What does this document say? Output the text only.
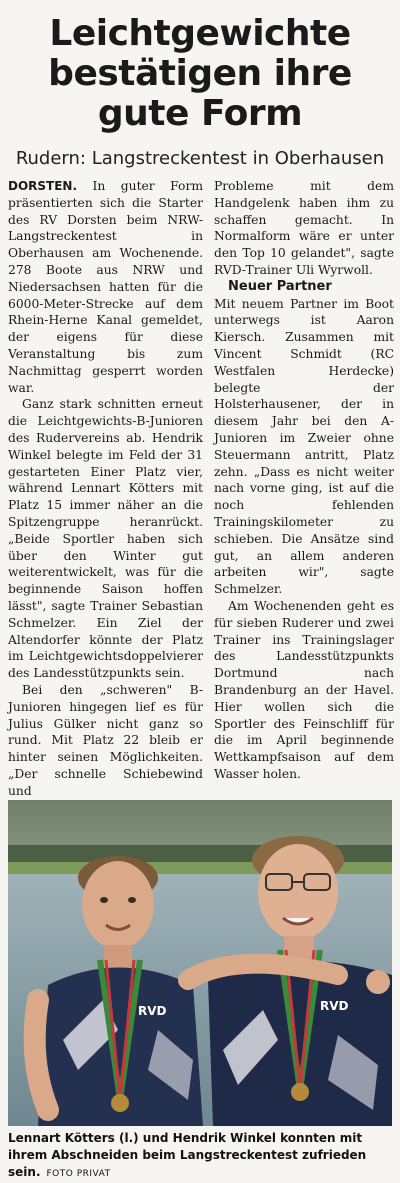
Leichtgewichte
bestätigen ihre
gute Form
Rudern: Langstreckentest in Oberhausen

DORSTEN. In guter Form präsentierten sich die Starter des RV Dorsten beim NRW-Langstreckentest in Oberhausen am Wochenende. 278 Boote aus NRW und Niedersachsen hatten für die 6000-Meter-Strecke auf dem Rhein-Herne Kanal gemeldet, der eigens für diese Veranstaltung bis zum Nachmittag gesperrt worden war.

Ganz stark schnitten erneut die Leichtgewichts-B-Junioren des Rudervereins ab. Hendrik Winkel belegte im Feld der 31 gestarteten Einer Platz vier, während Lennart Kötters mit Platz 15 immer näher an die Spitzengruppe heranrückt. „Beide Sportler haben sich über den Winter gut weiterentwickelt, was für die beginnende Saison hoffen lässt", sagte Trainer Sebastian Schmelzer. Ein Ziel der Altendorfer könnte der Platz im Leichtgewichtsdoppelvierer des Landesstützpunkts sein.

Bei den „schweren" B-Junioren hingegen lief es für Julius Gülker nicht ganz so rund. Mit Platz 22 bleib er hinter seinen Möglichkeiten. „Der schnelle Schiebewind und

Probleme mit dem Handgelenk haben ihm zu schaffen gemacht. In Normalform wäre er unter den Top 10 gelandet", sagte RVD-Trainer Uli Wyrwoll.

Neuer Partner

Mit neuem Partner im Boot unterwegs ist Aaron Kiersch. Zusammen mit Vincent Schmidt (RC Westfalen Herdecke) belegte der Holsterhausener, der in diesem Jahr bei den A-Junioren im Zweier ohne Steuermann antritt, Platz zehn. „Dass es nicht weiter nach vorne ging, ist auf die noch fehlenden Trainingskilometer zu schieben. Die Ansätze sind gut, an allem anderen arbeiten wir", sagte Schmelzer.

Am Wochenenden geht es für sieben Ruderer und zwei Trainer ins Trainingslager des Landesstützpunkts Dortmund nach Brandenburg an der Havel. Hier wollen sich die Sportler des Feinschliff für die im April beginnende Wettkampfsaison auf dem Wasser holen.

RVD	RVD
Lennart Kötters (l.) und Hendrik Winkel konnten mit ihrem Abschneiden beim Langstreckentest zufrieden sein. FOTO PRIVAT
